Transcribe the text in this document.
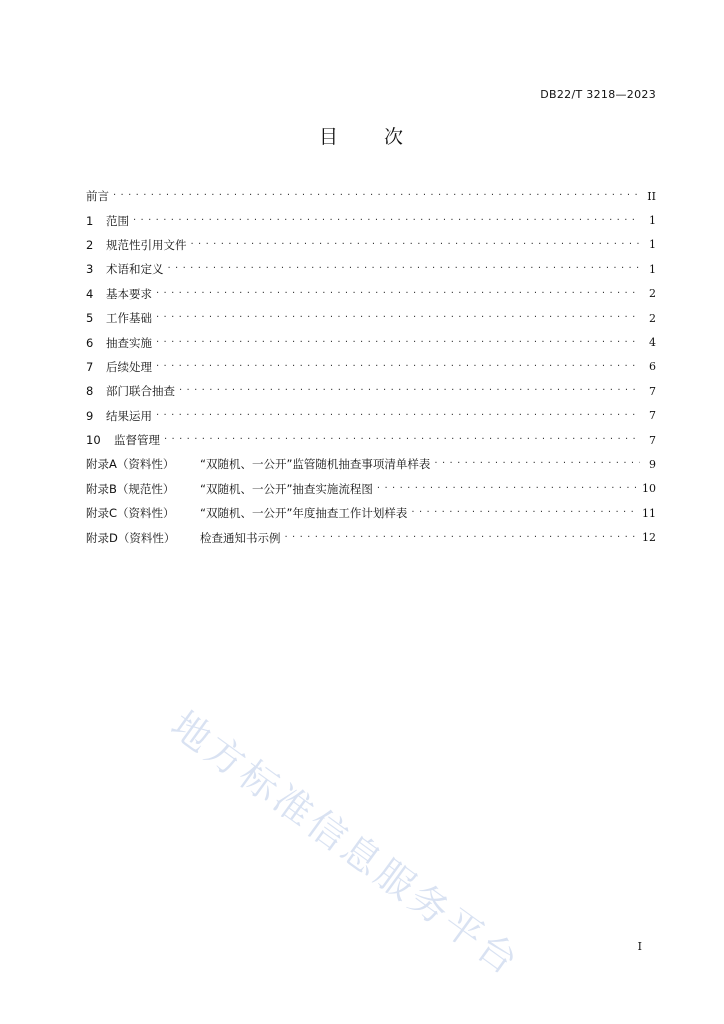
DB22/T 3218—2023
目 次
前言 . . .	II
1	范围 . . .	1
2	规范性引用文件 . . .	1
3	术语和定义 . . .	1
4	基本要求 . . .	2
5	工作基础 . . .	2
6	抽查实施 . . .	4
7	后续处理 . . .	6
8	部门联合抽查 . . .	7
9	结果运用 . . .	7
10	监督管理 . . .	7
附录A（资料性）	“双随机、一公开”监管随机抽查事项清单样表 . . .	9
附录B（规范性）	“双随机、一公开”抽查实施流程图 . . .	10
附录C（资料性）	“双随机、一公开”年度抽查工作计划样表 . . .	11
附录D（资料性）	检查通知书示例 . . .	12
地方标准信息服务平台	I
